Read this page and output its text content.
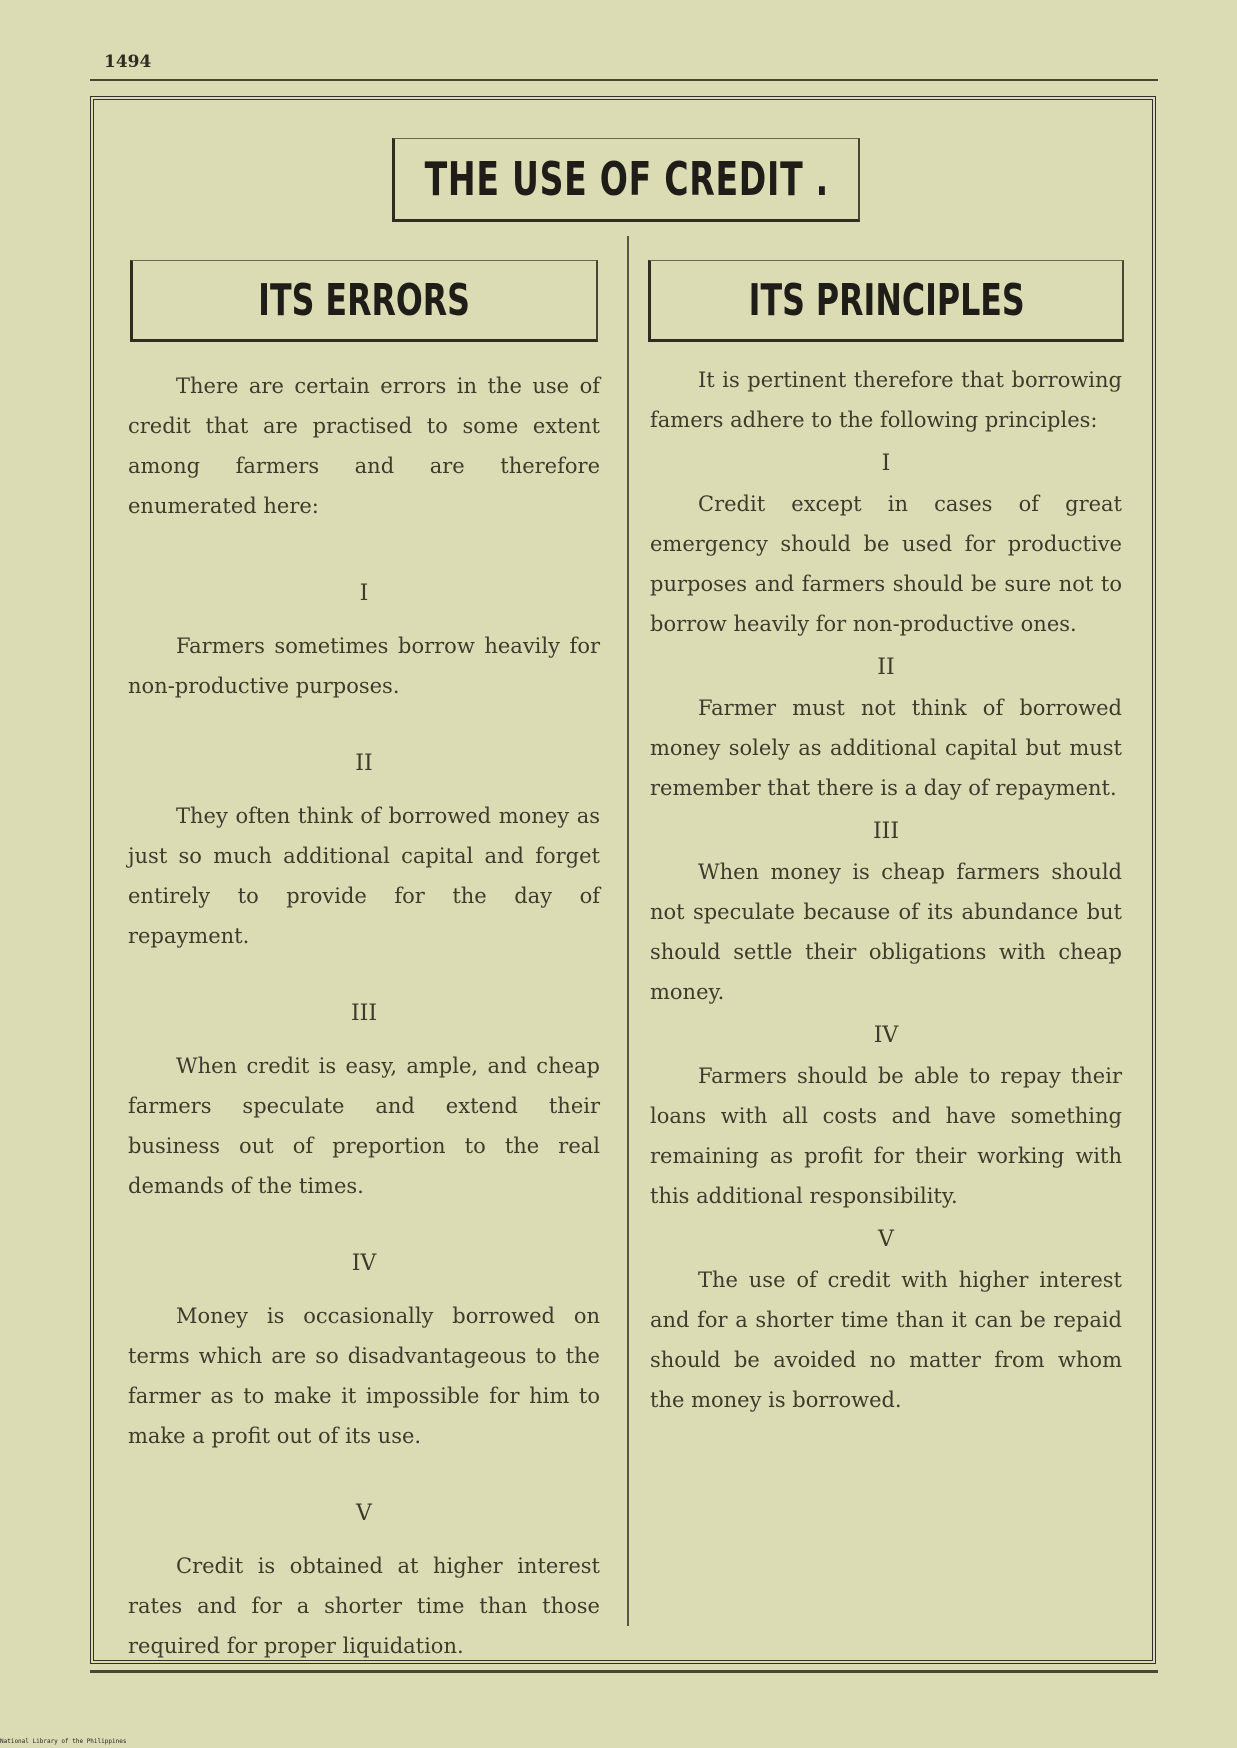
1494
THE USE OF CREDIT .
ITS ERRORS	ITS PRINCIPLES

There are certain errors in the use of credit that are practised to some extent among farmers and are therefore enumerated here:

I

Farmers sometimes borrow heavily for non-productive purposes.

II

They often think of borrowed money as just so much additional capital and forget entirely to provide for the day of repayment.

III

When credit is easy, ample, and cheap farmers speculate and extend their business out of preportion to the real demands of the times.

IV

Money is occasionally borrowed on terms which are so disadvantageous to the farmer as to make it impossible for him to make a profit out of its use.

V

Credit is obtained at higher interest rates and for a shorter time than those required for proper liquidation.

It is pertinent therefore that borrowing famers adhere to the following principles:

I

Credit except in cases of great emergency should be used for productive purposes and farmers should be sure not to borrow heavily for non-productive ones.

II

Farmer must not think of borrowed money solely as additional capital but must remember that there is a day of repayment.

III

When money is cheap farmers should not speculate because of its abundance but should settle their obligations with cheap money.

IV

Farmers should be able to repay their loans with all costs and have something remaining as profit for their working with this additional responsibility.

V

The use of credit with higher interest and for a shorter time than it can be repaid should be avoided no matter from whom the money is borrowed.

National Library of the Philippines
